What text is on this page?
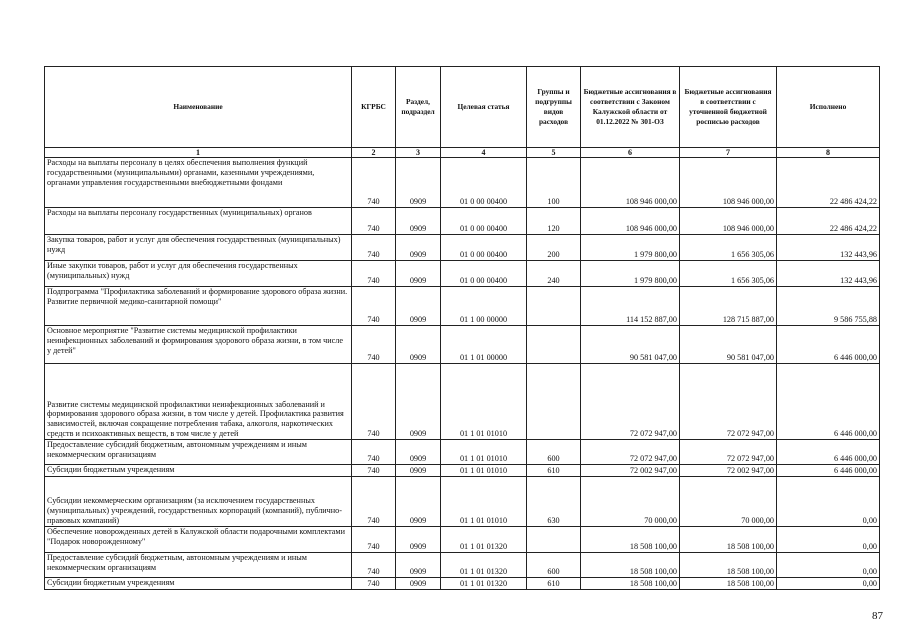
Наименование	КГРБС	Раздел, подраздел	Целевая статья	Группы и подгруппы видов расходов	Бюджетные ассигнования в соответствии с Законом Калужской области от 01.12.2022 № 301-ОЗ	Бюджетные ассигнования в соответствии с уточненной бюджетной росписью расходов	Исполнено
1	2	3	4	5	6	7	8
Расходы на выплаты персоналу в целях обеспечения выполнения функций государственными (муниципальными) органами, казенными учреждениями, органами управления государственными внебюджетными фондами	740	0909	01 0 00 00400	100	108 946 000,00	108 946 000,00	22 486 424,22
Расходы на выплаты персоналу государственных (муниципальных) органов	740	0909	01 0 00 00400	120	108 946 000,00	108 946 000,00	22 486 424,22
Закупка товаров, работ и услуг для обеспечения государственных (муниципальных) нужд	740	0909	01 0 00 00400	200	1 979 800,00	1 656 305,06	132 443,96
Иные закупки товаров, работ и услуг для обеспечения государственных (муниципальных) нужд	740	0909	01 0 00 00400	240	1 979 800,00	1 656 305,06	132 443,96
Подпрограмма "Профилактика заболеваний и формирование здорового образа жизни. Развитие первичной медико-санитарной помощи"	740	0909	01 1 00 00000		114 152 887,00	128 715 887,00	9 586 755,88
Основное мероприятие "Развитие системы медицинской профилактики неинфекционных заболеваний и формирования здорового образа жизни, в том числе у детей"	740	0909	01 1 01 00000		90 581 047,00	90 581 047,00	6 446 000,00
Развитие системы медицинской профилактики неинфекционных заболеваний и формирования здорового образа жизни, в том числе у детей. Профилактика развития зависимостей, включая сокращение потребления табака, алкоголя, наркотических средств и психоактивных веществ, в том числе у детей	740	0909	01 1 01 01010		72 072 947,00	72 072 947,00	6 446 000,00
Предоставление субсидий бюджетным, автономным учреждениям и иным некоммерческим организациям	740	0909	01 1 01 01010	600	72 072 947,00	72 072 947,00	6 446 000,00
Субсидии бюджетным учреждениям	740	0909	01 1 01 01010	610	72 002 947,00	72 002 947,00	6 446 000,00
Субсидии некоммерческим организациям (за исключением государственных (муниципальных) учреждений, государственных корпораций (компаний), публично-правовых компаний)	740	0909	01 1 01 01010	630	70 000,00	70 000,00	0,00
Обеспечение новорожденных детей в Калужской области подарочными комплектами "Подарок новорожденному"	740	0909	01 1 01 01320		18 508 100,00	18 508 100,00	0,00
Предоставление субсидий бюджетным, автономным учреждениям и иным некоммерческим организациям	740	0909	01 1 01 01320	600	18 508 100,00	18 508 100,00	0,00
Субсидии бюджетным учреждениям	740	0909	01 1 01 01320	610	18 508 100,00	18 508 100,00	0,00
87
